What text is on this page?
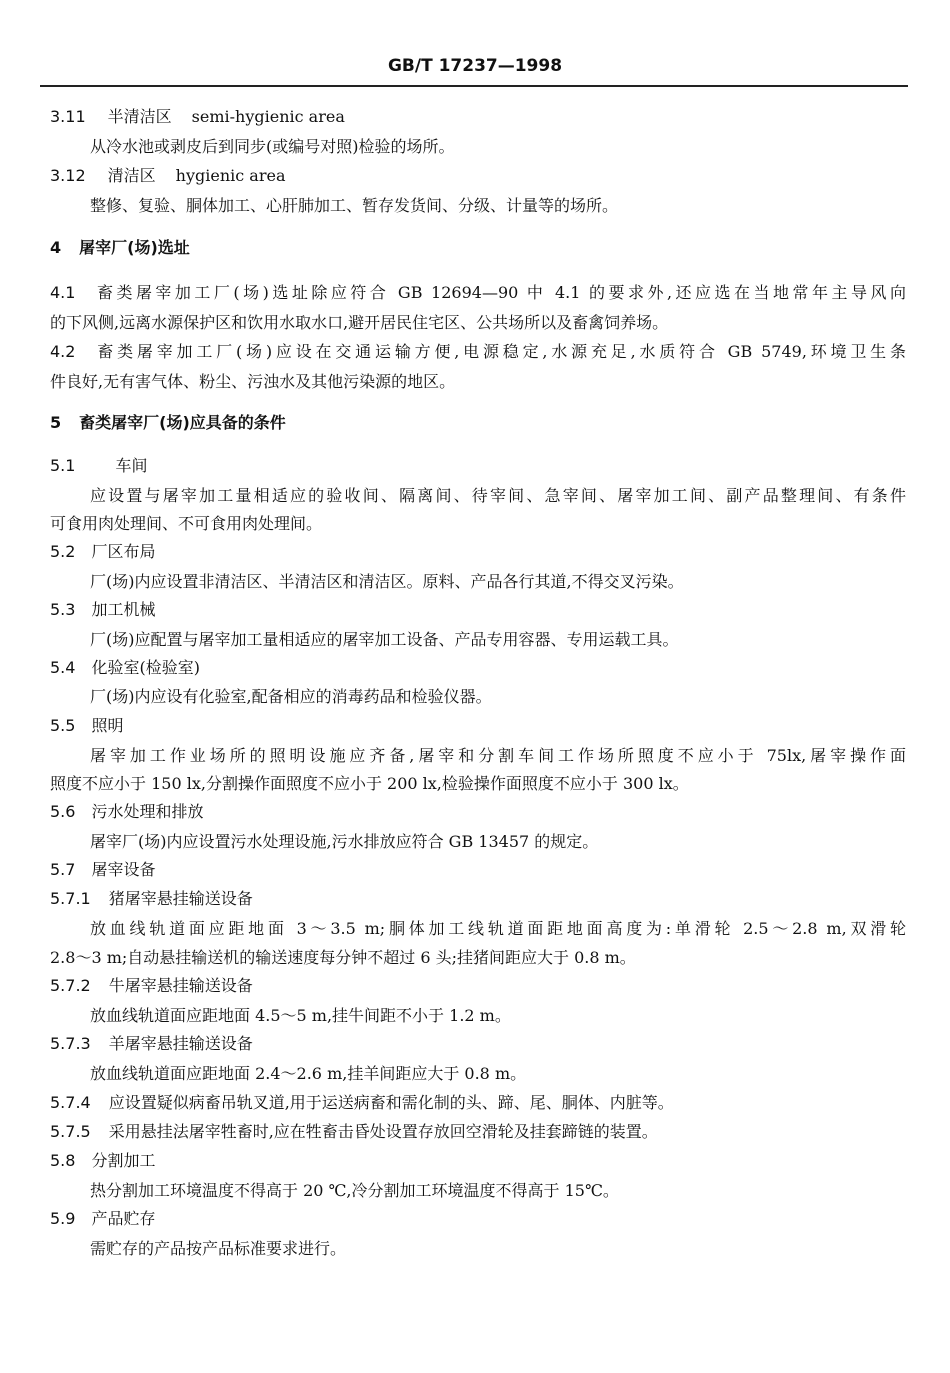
GB/T 17237—1998
3.11 半清洁区 semi-hygienic area
从冷水池或剥皮后到同步(或编号对照)检验的场所。
3.12 清洁区 hygienic area
整修、复验、胴体加工、心肝肺加工、暂存发货间、分级、计量等的场所。
4 屠宰厂(场)选址
4.1 畜类屠宰加工厂(场)选址除应符合 GB 12694—90 中 4.1 的要求外,还应选在当地常年主导风向
的下风侧,远离水源保护区和饮用水取水口,避开居民住宅区、公共场所以及畜禽饲养场。
4.2 畜类屠宰加工厂(场)应设在交通运输方便,电源稳定,水源充足,水质符合 GB 5749,环境卫生条
件良好,无有害气体、粉尘、污浊水及其他污染源的地区。
5 畜类屠宰厂(场)应具备的条件
5.1	车间
应设置与屠宰加工量相适应的验收间、隔离间、待宰间、急宰间、屠宰加工间、副产品整理间、有条件
可食用肉处理间、不可食用肉处理间。
5.2 厂区布局
厂(场)内应设置非清洁区、半清洁区和清洁区。原料、产品各行其道,不得交叉污染。
5.3 加工机械
厂(场)应配置与屠宰加工量相适应的屠宰加工设备、产品专用容器、专用运载工具。
5.4 化验室(检验室)
厂(场)内应设有化验室,配备相应的消毒药品和检验仪器。
5.5 照明
屠宰加工作业场所的照明设施应齐备,屠宰和分割车间工作场所照度不应小于 75lx,屠宰操作面
照度不应小于 150 lx,分割操作面照度不应小于 200 lx,检验操作面照度不应小于 300 lx。
5.6 污水处理和排放
屠宰厂(场)内应设置污水处理设施,污水排放应符合 GB 13457 的规定。
5.7 屠宰设备
5.7.1 猪屠宰悬挂输送设备
放血线轨道面应距地面 3～3.5 m;胴体加工线轨道面距地面高度为:单滑轮 2.5～2.8 m,双滑轮
2.8～3 m;自动悬挂输送机的输送速度每分钟不超过 6 头;挂猪间距应大于 0.8 m。
5.7.2 牛屠宰悬挂输送设备
放血线轨道面应距地面 4.5～5 m,挂牛间距不小于 1.2 m。
5.7.3 羊屠宰悬挂输送设备
放血线轨道面应距地面 2.4～2.6 m,挂羊间距应大于 0.8 m。
5.7.4 应设置疑似病畜吊轨叉道,用于运送病畜和需化制的头、蹄、尾、胴体、内脏等。
5.7.5 采用悬挂法屠宰牲畜时,应在牲畜击昏处设置存放回空滑轮及挂套蹄链的装置。
5.8 分割加工
热分割加工环境温度不得高于 20 ℃,冷分割加工环境温度不得高于 15℃。
5.9 产品贮存
需贮存的产品按产品标准要求进行。
